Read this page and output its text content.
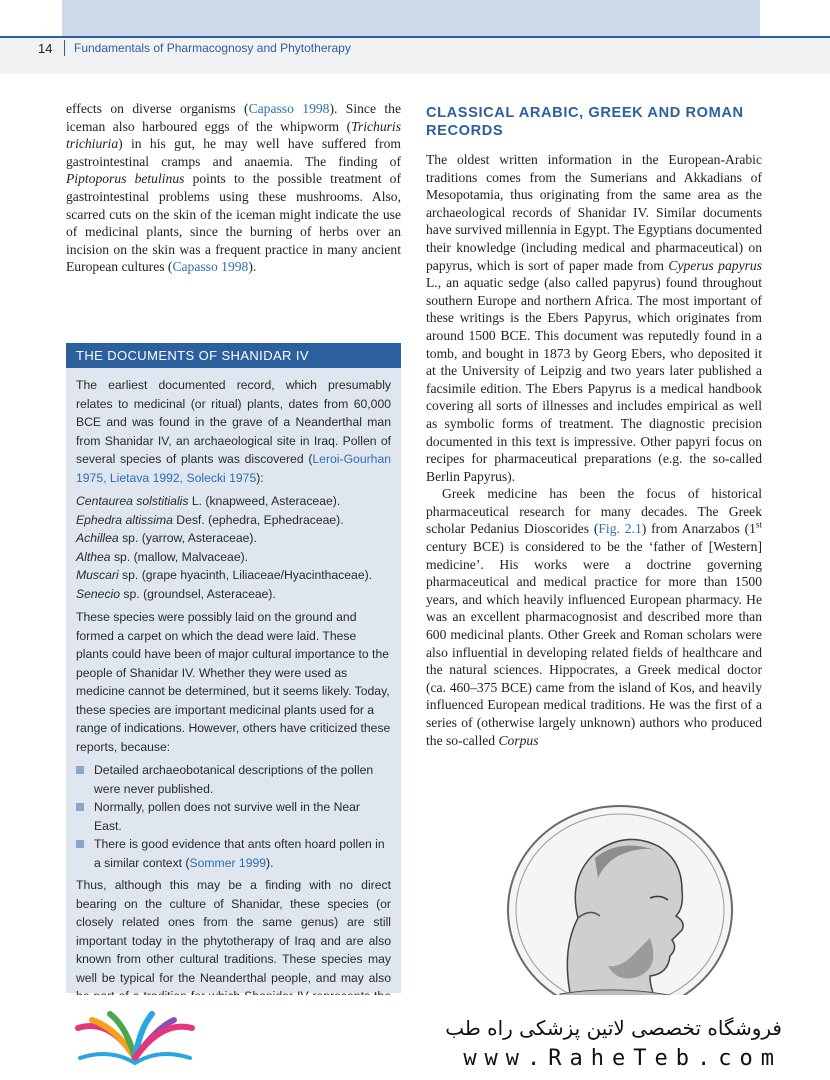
14 Fundamentals of Pharmacognosy and Phytotherapy

effects on diverse organisms (Capasso 1998). Since the iceman also harboured eggs of the whipworm (Trichuris trichiuria) in his gut, he may well have suffered from gastrointestinal cramps and anaemia. The finding of Piptoporus betulinus points to the possible treatment of gastrointestinal problems using these mushrooms. Also, scarred cuts on the skin of the iceman might indicate the use of medicinal plants, since the burning of herbs over an incision on the skin was a frequent practice in many ancient European cultures (Capasso 1998).

THE DOCUMENTS OF SHANIDAR IV

The earliest documented record, which presumably relates to medicinal (or ritual) plants, dates from 60,000 BCE and was found in the grave of a Neanderthal man from Shanidar IV, an archaeological site in Iraq. Pollen of several species of plants was discovered (Leroi-Gourhan 1975, Lietava 1992, Solecki 1975):

Centaurea solstitialis L. (knapweed, Asteraceae).
Ephedra altissima Desf. (ephedra, Ephedraceae).
Achillea sp. (yarrow, Asteraceae).
Althea sp. (mallow, Malvaceae).
Muscari sp. (grape hyacinth, Liliaceae/Hyacinthaceae).
Senecio sp. (groundsel, Asteraceae).

These species were possibly laid on the ground and formed a carpet on which the dead were laid. These plants could have been of major cultural importance to the people of Shanidar IV. Whether they were used as medicine cannot be determined, but it seems likely. Today, these species are important medicinal plants used for a range of indications. However, others have criticized these reports, because:

Detailed archaeobotanical descriptions of the pollen were never published.
Normally, pollen does not survive well in the Near East.
There is good evidence that ants often hoard pollen in a similar context (Sommer 1999).

Thus, although this may be a finding with no direct bearing on the culture of Shanidar, these species (or closely related ones from the same genus) are still important today in the phytotherapy of Iraq and are also known from other cultural traditions. These species may well be typical for the Neanderthal people, and may also

CLASSICAL ARABIC, GREEK AND ROMAN RECORDS

The oldest written information in the European-Arabic traditions comes from the Sumerians and Akkadians of Mesopotamia, thus originating from the same area as the archaeological records of Shanidar IV. Similar documents have survived millennia in Egypt. The Egyptians documented their knowledge (including medical and pharmaceutical) on papyrus, which is sort of paper made from Cyperus papyrus L., an aquatic sedge (also called papyrus) found throughout southern Europe and northern Africa. The most important of these writings is the Ebers Papyrus, which originates from around 1500 BCE. This document was reputedly found in a tomb, and bought in 1873 by Georg Ebers, who deposited it at the University of Leipzig and two years later published a facsimile edition. The Ebers Papyrus is a medical handbook covering all sorts of illnesses and includes empirical as well as symbolic forms of treatment. The diagnostic precision documented in this text is impressive. Other papyri focus on recipes for pharmaceutical preparations (e.g. the so-called Berlin Papyrus).

Greek medicine has been the focus of historical pharmaceutical research for many decades. The Greek scholar Pedanius Dioscorides (Fig. 2.1) from Anarzabos (1st century BCE) is considered to be the ‘father of [Western] medicine’. His works were a doctrine governing pharmaceutical and medical practice for more than 1500 years, and which heavily influenced European pharmacy. He was an excellent pharmacognosist and described more than 600 medicinal plants. Other Greek and Roman scholars were also influential in developing related fields of healthcare and the natural sciences. Hippocrates, a Greek medical doctor (ca. 460–375 BCE) came from the island of Kos, and heavily influenced European medical traditions. He was the first of a series of (otherwise largely unknown) authors who produced the so-called Corpus

فروشگاه تخصصی لاتین پزشکی راه طب
www.RaheTeb.com
